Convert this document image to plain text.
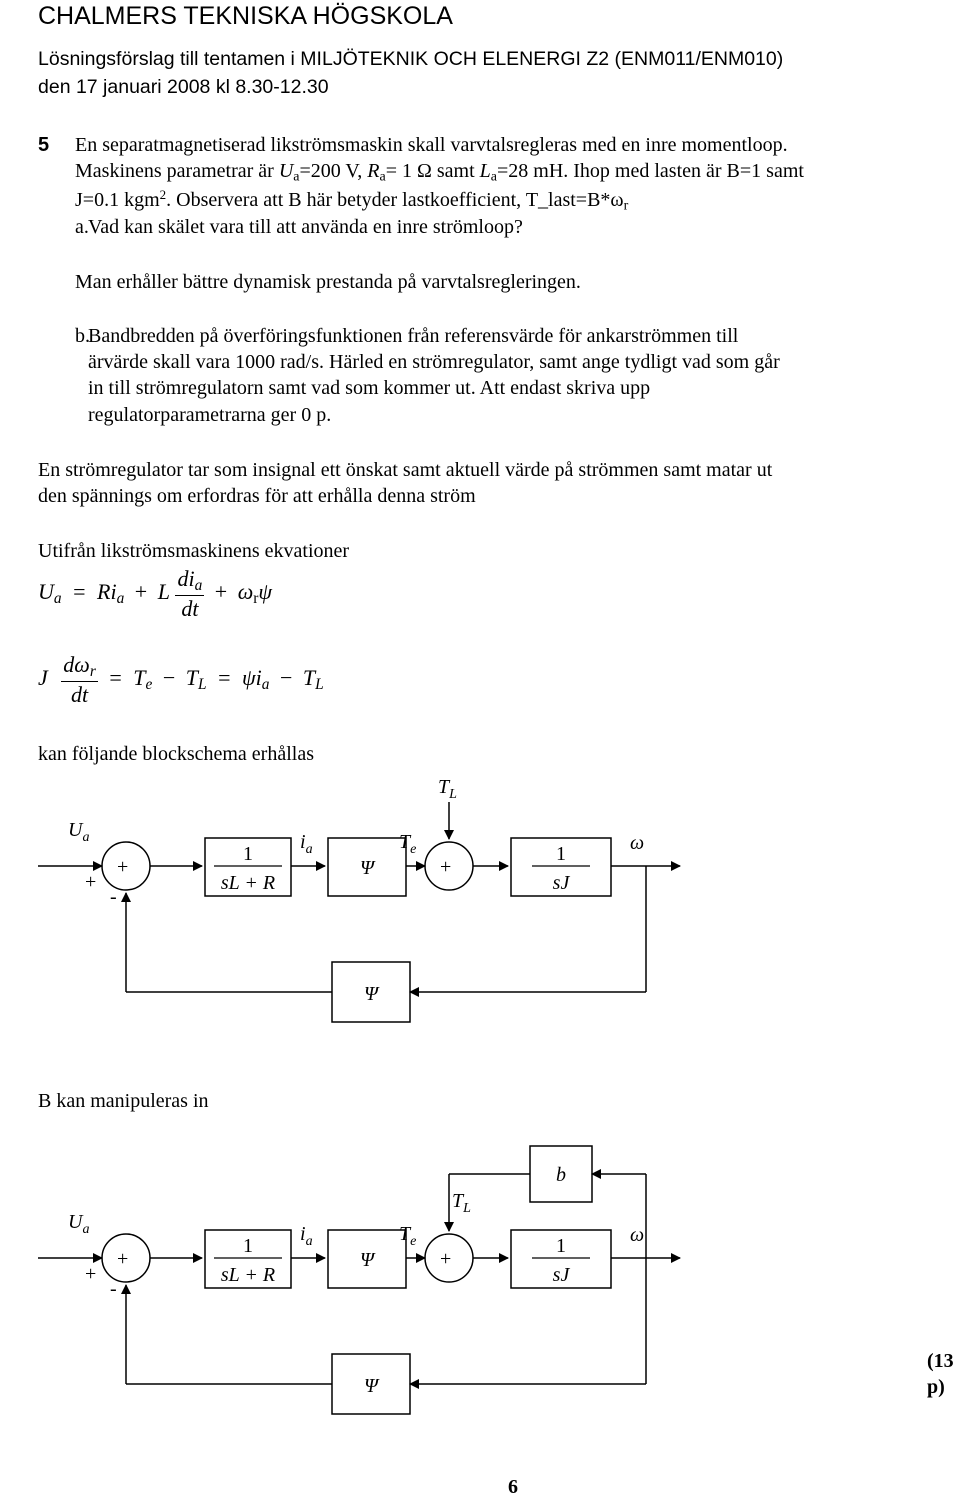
CHALMERS TEKNISKA HÖGSKOLA
Lösningsförslag till tentamen i MILJÖTEKNIK OCH ELENERGI Z2 (ENM011/ENM010)
den 17 januari 2008 kl 8.30-12.30
5 En separatmagnetiserad likströmsmaskin skall varvtalsregleras med en inre momentloop.
Maskinens parametrar är $U_a=200$ V, $R_a= 1$ Ω samt $L_a=28$ mH. Ihop med lasten är B=1 samt
J=0.1 kgm$^2$. Observera att B här betyder lastkoefficient, $T\_last=B*\omega_r$
a. Vad kan skälet vara till att använda en inre strömloop?
Man erhåller bättre dynamisk prestanda på varvtalsregleringen.
b.
Bandbredden på överföringsfunktionen från referensvärde för ankarströmmen till
ärvärde skall vara 1000 rad/s. Härled en strömregulator, samt ange tydligt vad som går
in till strömregulatorn samt vad som kommer ut. Att endast skriva upp
regulatorparametrarna ger 0 p.
En strömregulator tar som insignal ett önskat samt aktuell värde på strömmen samt matar ut
den spännings om erfordras för att erhålla denna ström
Utifrån likströmsmaskinens ekvationer
$U_a = Ri_a + L \frac{di_a}{dt} + \omega_r\psi$
J $\frac{d\omega_r}{dt} = T_e - T_L = \psi i_a - T_L$
kan följande blockschema erhållas
$U_a$
+
+
-
1
sL + R
$i_a$
Ψ
$T_e$
$T_L$
+
1
sJ
ω
Ψ
B kan manipuleras in
$U_a$
+
+
-
1
sL + R
$i_a$
Ψ
$T_e$
$T_L$
b
+
1
sJ
ω
Ψ
(13
p)
6
